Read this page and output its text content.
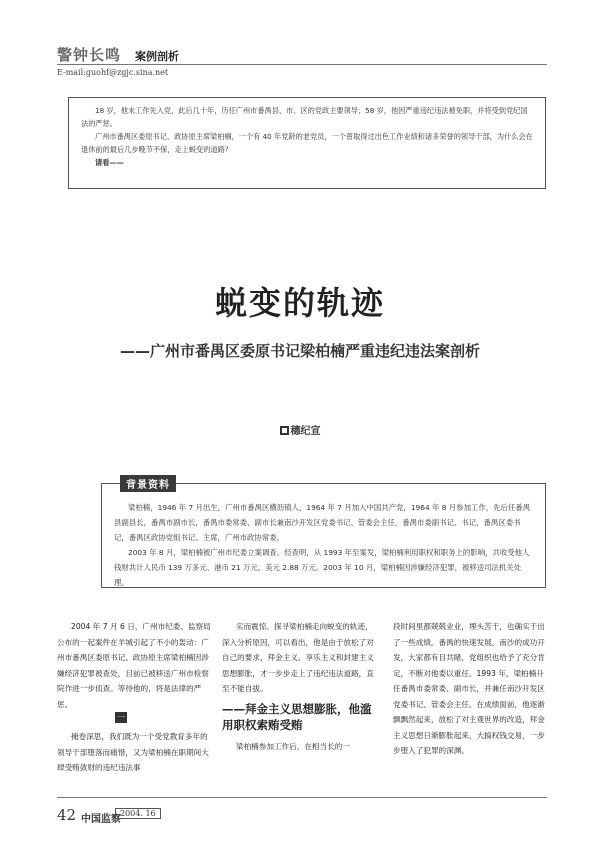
警钟长鸣 案例剖析
E-mail:guohf@zgjc.sina.net

18 岁，他未工作先入党，此后几十年，历任广州市番禺县、市、区的党政主要领导；58 岁，他因严重违纪违法被免职，并将受到党纪国法的严惩。

广州市番禺区委原书记、政协原主席梁柏楠，一个有 40 年党龄的老党员，一个曾取得过出色工作业绩和诸多荣誉的领导干部，为什么会在退休前的最后几步晚节不保，走上蜕变的道路？

请看——

蜕变的轨迹
——广州市番禺区委原书记梁柏楠严重违纪违法案剖析
穗纪宣

梁柏楠，1946 年 7 月出生，广州市番禺区横沥镇人，1964 年 7 月加入中国共产党，1964 年 8 月参加工作，先后任番禺县副县长，番禺市副市长，番禺市委常委、副市长兼南沙开发区党委书记、管委会主任，番禺市委副书记、书记，番禺区委书记，番禺区政协党组书记、主席，广州市政协常委。

2003 年 8 月，梁柏楠被广州市纪委立案调查。经查明，从 1993 年至案发，梁柏楠利用职权和职务上的影响，共收受他人钱财共计人民币 139 万多元、港币 21 万元、美元 2.88 万元。2003 年 10 月，梁柏楠因涉嫌经济犯罪，被移送司法机关处理。

背景资料

2004 年 7 月 6 日，广州市纪委、监察局公布的一起案件在羊城引起了不小的轰动：广州市番禺区委原书记、政协原主席梁柏楠因涉嫌经济犯罪被查处，目前已被移送广州市检察院作进一步侦查。等待他的，将是法律的严惩。

掩卷深思，我们既为一个受党教育多年的领导干部堕落而痛惜，又为梁柏楠在职期间大肆受贿敛财的违纪违法事

一

实而震惊。探寻梁柏楠走向蜕变的轨迹，深入分析原因，可以看出，他是由于放松了对自己的要求，拜金主义、享乐主义和封建主义思想膨胀，才一步步走上了违纪违法道路，直至不能自拔。

——拜金主义思想膨胀，他滥用职权索贿受贿

梁柏楠参加工作后，在相当长的一

段时间里都兢兢业业，埋头苦干，也确实干出了一些成绩。番禺的快速发展，南沙的成功开发，大家都有目共睹，党组织也给予了充分肯定，不断对他委以重任。1993 年，梁柏楠升任番禺市委常委、副市长，并兼任南沙开发区党委书记、管委会主任。在成绩面前，他逐渐飘飘然起来，放松了对主观世界的改造，拜金主义思想日渐膨胀起来，大搞权钱交易，一步步堕入了犯罪的深渊。

42 中国监察
2004. 16
